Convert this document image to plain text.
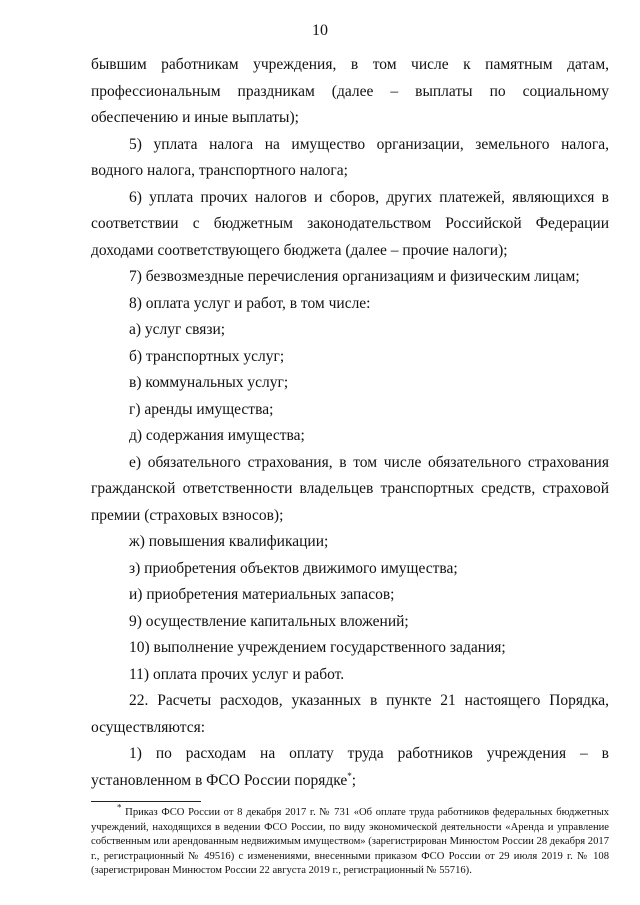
10

бывшим работникам учреждения, в том числе к памятным датам, профессиональным праздникам (далее – выплаты по социальному обеспечению и иные выплаты);

5) уплата налога на имущество организации, земельного налога, водного налога, транспортного налога;

6) уплата прочих налогов и сборов, других платежей, являющихся в соответствии с бюджетным законодательством Российской Федерации доходами соответствующего бюджета (далее – прочие налоги);

7) безвозмездные перечисления организациям и физическим лицам;

8) оплата услуг и работ, в том числе:

а) услуг связи;

б) транспортных услуг;

в) коммунальных услуг;

г) аренды имущества;

д) содержания имущества;

е) обязательного страхования, в том числе обязательного страхования гражданской ответственности владельцев транспортных средств, страховой премии (страховых взносов);

ж) повышения квалификации;

з) приобретения объектов движимого имущества;

и) приобретения материальных запасов;

9) осуществление капитальных вложений;

10) выполнение учреждением государственного задания;

11) оплата прочих услуг и работ.

22. Расчеты расходов, указанных в пункте 21 настоящего Порядка, осуществляются:

1) по расходам на оплату труда работников учреждения – в установленном в ФСО России порядке*;

* Приказ ФСО России от 8 декабря 2017 г. № 731 «Об оплате труда работников федеральных бюджетных учреждений, находящихся в ведении ФСО России, по виду экономической деятельности «Аренда и управление собственным или арендованным недвижимым имуществом» (зарегистрирован Минюстом России 28 декабря 2017 г., регистрационный № 49516) с изменениями, внесенными приказом ФСО России от 29 июля 2019 г. № 108 (зарегистрирован Минюстом России 22 августа 2019 г., регистрационный № 55716).
